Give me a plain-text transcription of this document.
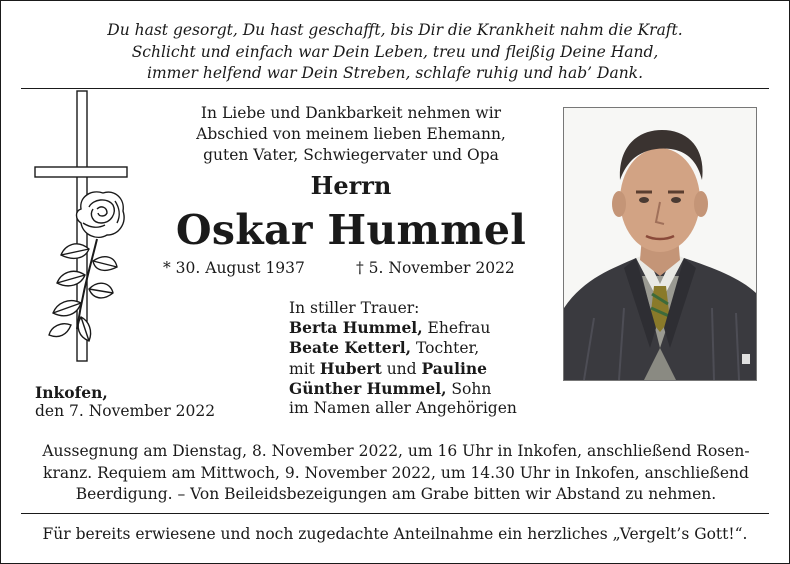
Du hast gesorgt, Du hast geschafft, bis Dir die Krankheit nahm die Kraft.
Schlicht und einfach war Dein Leben, treu und fleißig Deine Hand,
immer helfend war Dein Streben, schlafe ruhig und hab’ Dank.
In Liebe und Dankbarkeit nehmen wir
Abschied von meinem lieben Ehemann,
guten Vater, Schwiegervater und Opa
Herrn
Oskar Hummel
* 30. August 1937	† 5. November 2022
In stiller Trauer:
Berta Hummel, Ehefrau
Beate Ketterl, Tochter,
mit Hubert und Pauline
Günther Hummel, Sohn
im Namen aller Angehörigen
Inkofen,
den 7. November 2022
Aussegnung am Dienstag, 8. November 2022, um 16 Uhr in Inkofen, anschließend Rosen-
kranz. Requiem am Mittwoch, 9. November 2022, um 14.30 Uhr in Inkofen, anschließend
Beerdigung. – Von Beileidsbezeigungen am Grabe bitten wir Abstand zu nehmen.
Für bereits erwiesene und noch zugedachte Anteilnahme ein herzliches „Vergelt’s Gott!“.
